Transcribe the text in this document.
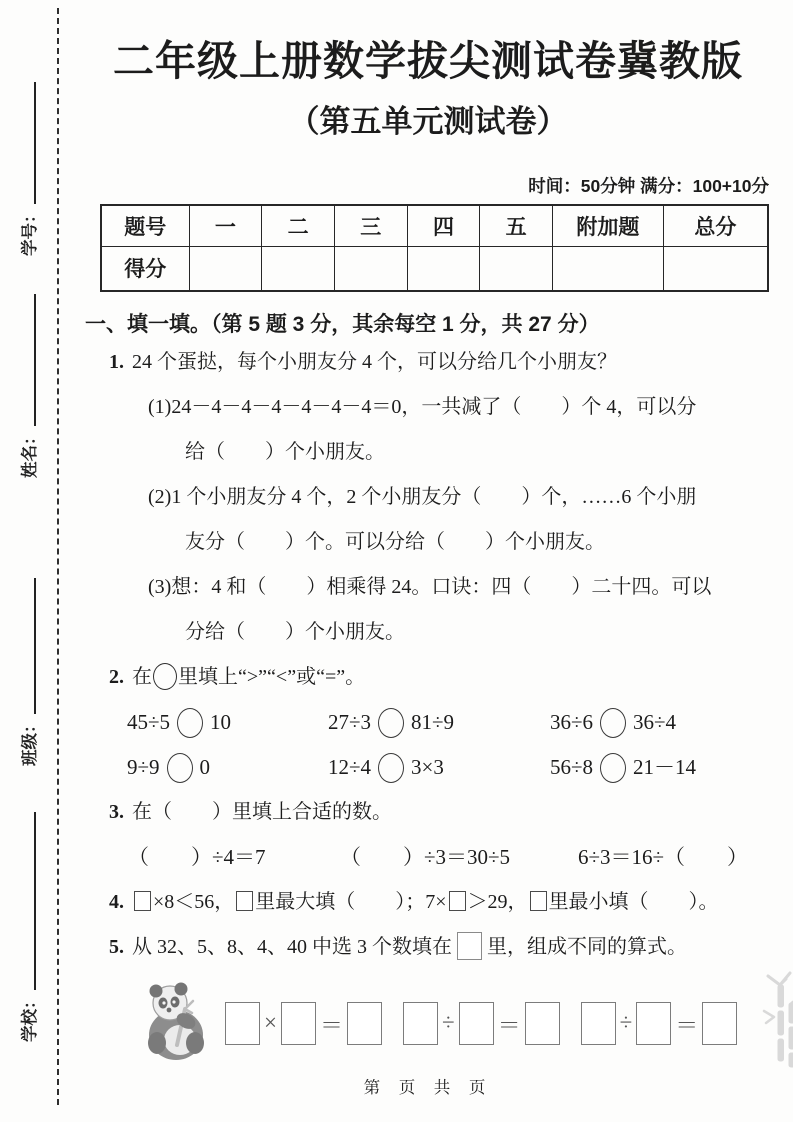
学号：
姓名：
班级：
学校：
二年级上册数学拔尖测试卷冀教版
（第五单元测试卷）
时间：50分钟 满分：100+10分
题号	一	二	三	四	五	附加题	总分
得分							
一、填一填。（第 5 题 3 分，其余每空 1 分，共 27 分）
1. 24 个蛋挞，每个小朋友分 4 个，可以分给几个小朋友？
(1)24－4－4－4－4－4－4＝0，一共减了（　　）个 4，可以分
给（　　）个小朋友。
(2)1 个小朋友分 4 个，2 个小朋友分（　　）个，……6 个小朋
友分（　　）个。可以分给（　　）个小朋友。
(3)想：4 和（　　）相乘得 24。口诀：四（　　）二十四。可以
分给（　　）个小朋友。
2. 在 里填上“>”“<”或“=”。
45÷5 10	27÷3 81÷9	36÷6 36÷4
9÷9 0	12÷4 3×3	56÷8 21－14
3. 在（　　）里填上合适的数。
（　　）÷4＝7	（　　）÷3＝30÷5	6÷3＝16÷（　　）
4. ×8＜56， 里最大填（　　）；7× ＞29， 里最小填（　　）。
5. 从 32、5、8、4、40 中选 3 个数填在 里，组成不同的算式。
× ＝	÷ ＝	÷ ＝
第 页 共 页
